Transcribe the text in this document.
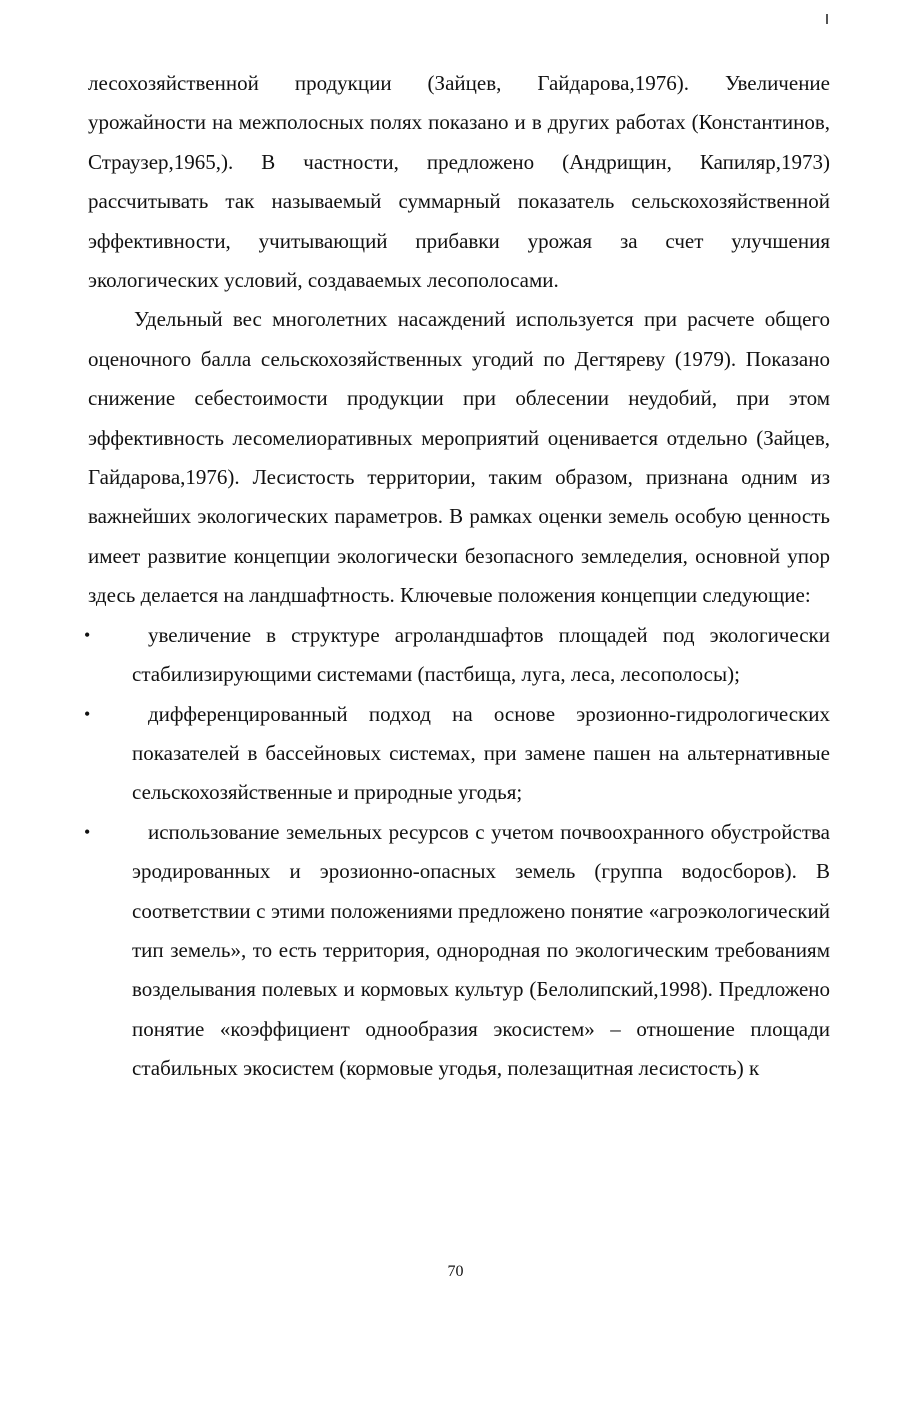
лесохозяйственной продукции (Зайцев, Гайдарова,1976). Увеличение урожайности на межполосных полях показано и в других работах (Константинов, Страузер,1965,). В частности, предложено (Андрищин, Капиляр,1973) рассчитывать так называемый суммарный показатель сельскохозяйственной эффективности, учитывающий прибавки урожая за счет улучшения экологических условий, создаваемых лесополосами.

Удельный вес многолетних насаждений используется при расчете общего оценочного балла сельскохозяйственных угодий по Дегтяреву (1979). Показано снижение себестоимости продукции при облесении неудобий, при этом эффективность лесомелиоративных мероприятий оценивается отдельно (Зайцев, Гайдарова,1976). Лесистость территории, таким образом, признана одним из важнейших экологических параметров. В рамках оценки земель особую ценность имеет развитие концепции экологически безопасного земледелия, основной упор здесь делается на ландшафтность. Ключевые положения концепции следующие:

•	увеличение в структуре агроландшафтов площадей под экологически стабилизирующими системами (пастбища, луга, леса, лесополосы);
•	дифференцированный подход на основе эрозионно-гидрологических показателей в бассейновых системах, при замене пашен на альтернативные сельскохозяйственные и природные угодья;
•	использование земельных ресурсов с учетом почвоохранного обустройства эродированных и эрозионно-опасных земель (группа водосборов). В соответствии с этими положениями предложено понятие «агроэкологический тип земель», то есть территория, однородная по экологическим требованиям возделывания полевых и кормовых культур (Белолипский,1998). Предложено понятие «коэффициент однообразия экосистем» – отношение площади стабильных экосистем (кормовые угодья, полезащитная лесистость) к
70
